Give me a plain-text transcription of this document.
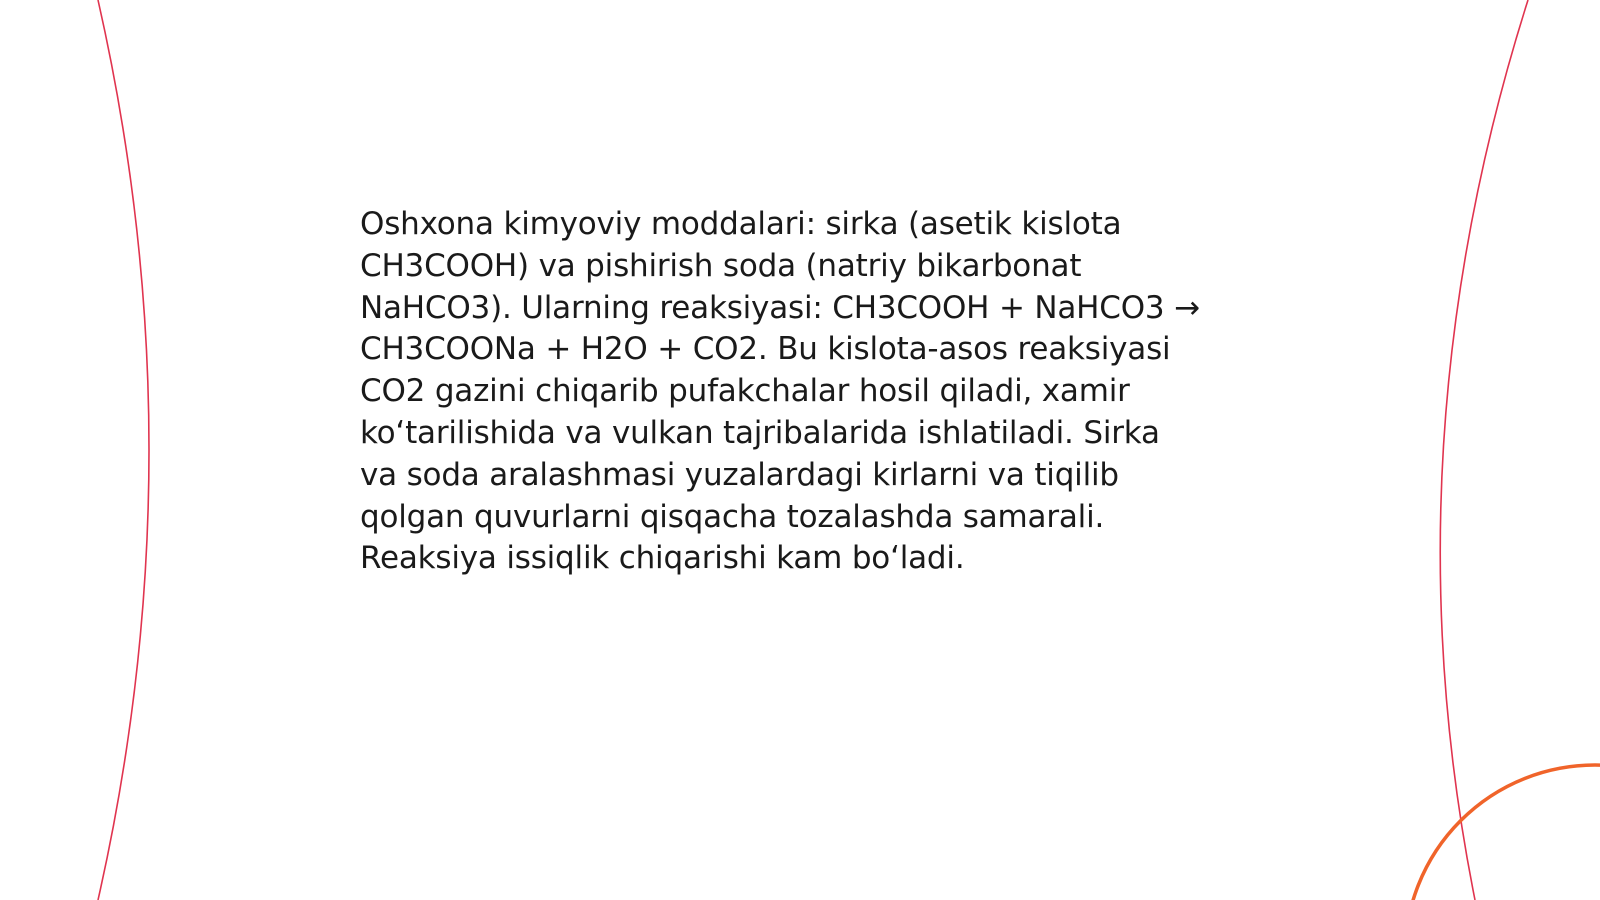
Oshxona kimyoviy moddalari: sirka (asetik kislota
CH3COOH) va pishirish soda (natriy bikarbonat
NaHCO3). Ularning reaksiyasi: CH3COOH + NaHCO3 →
CH3COONa + H2O + CO2. Bu kislota-asos reaksiyasi
CO2 gazini chiqarib pufakchalar hosil qiladi, xamir
koʻtarilishida va vulkan tajribalarida ishlatiladi. Sirka
va soda aralashmasi yuzalardagi kirlarni va tiqilib
qolgan quvurlarni qisqacha tozalashda samarali.
Reaksiya issiqlik chiqarishi kam boʻladi.
